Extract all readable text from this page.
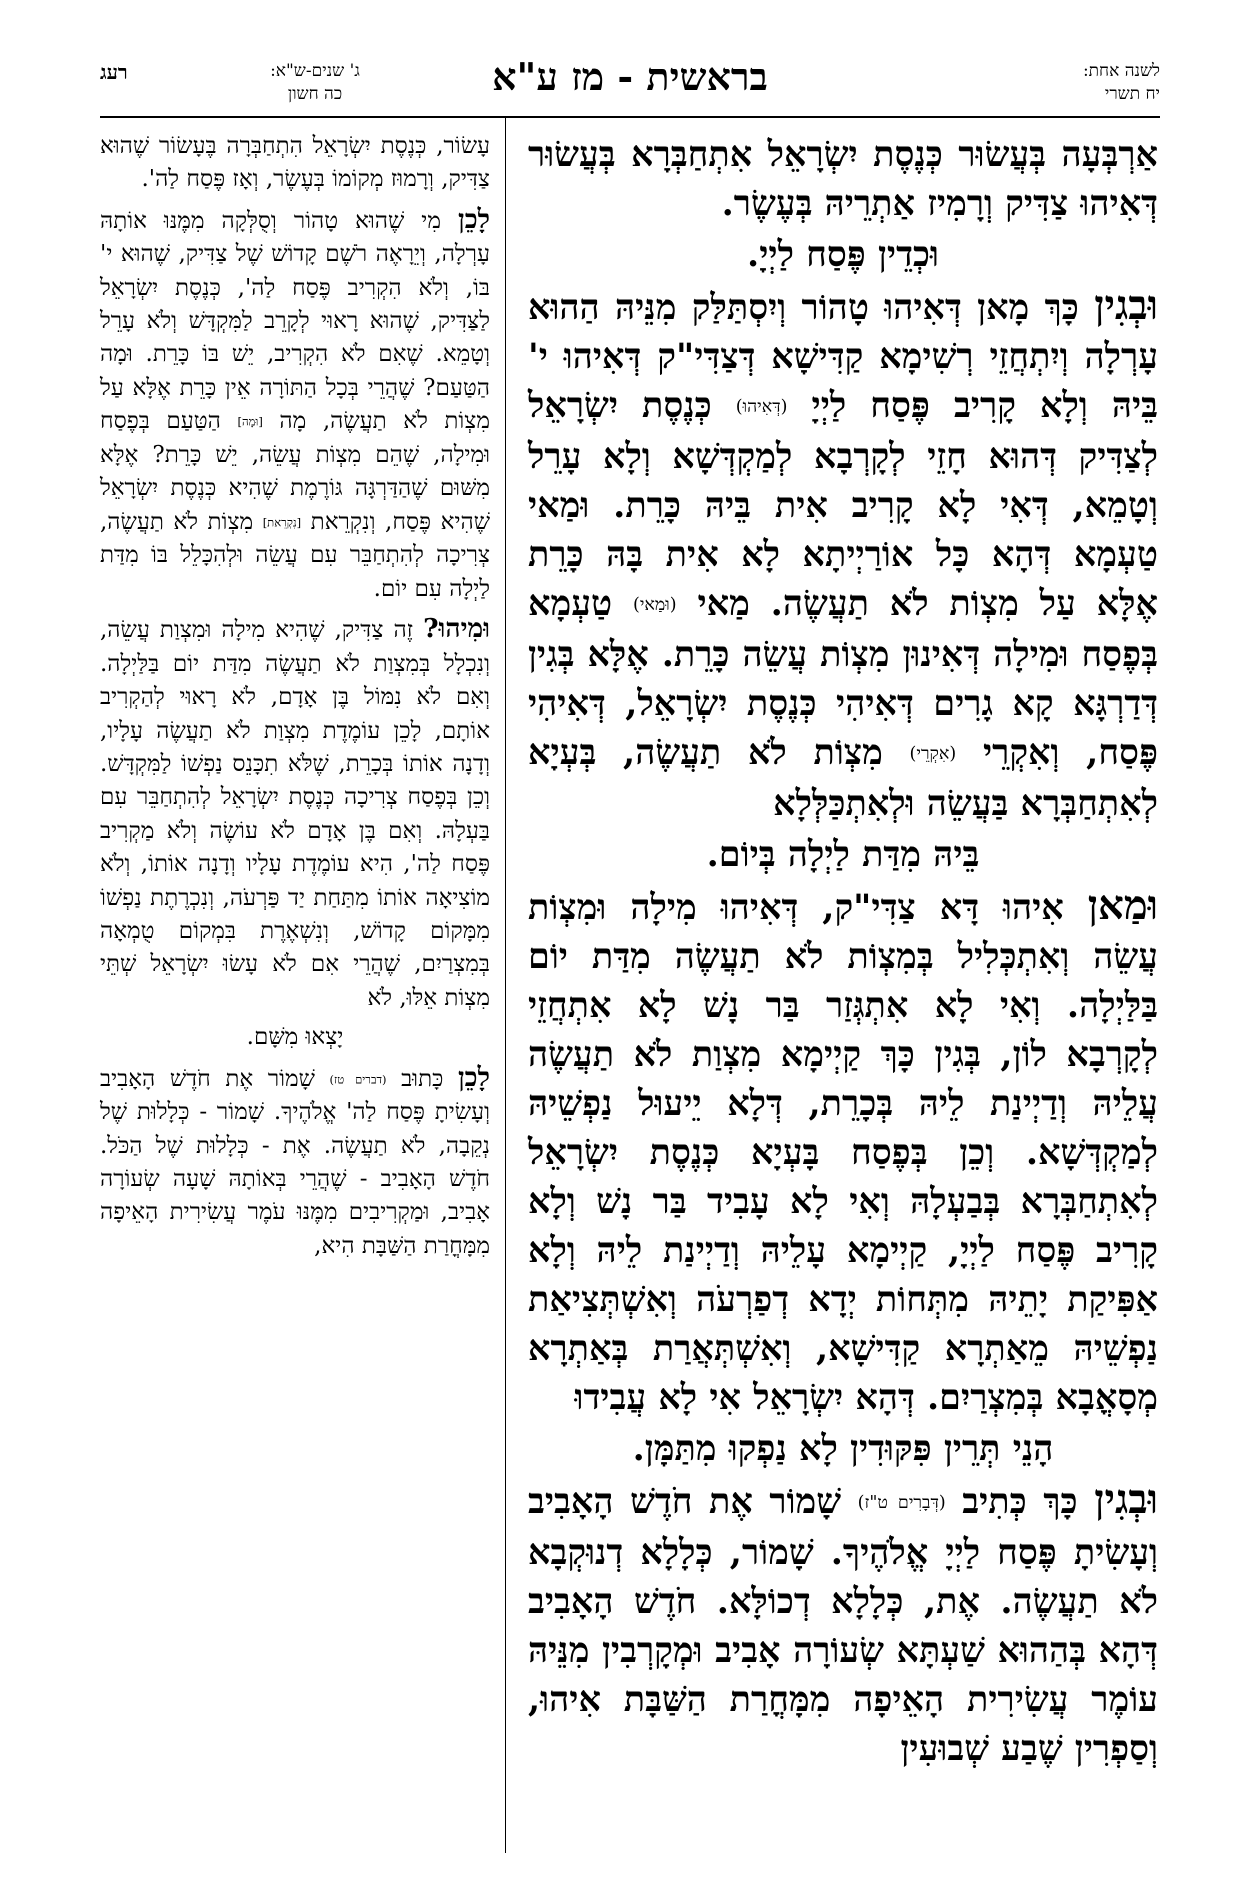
לשנה אחת:
יח תשרי
בראשית - מז ע"א
רעג	ג' שנים-ש"א:
כה חשון

אַרְבְּעָה בְּעֲשׂוּר כְּנֶסֶת יִשְׂרָאֵל אִתְחַבְּרָא בְּעֲשׂוּר דְּאִיהוּ צַדִּיק וְרָמִיז אַתְרֵיהּ בְּעֶשֶׂר.

וּכְדֵין פֶּסַח לַיְיָ.

וּבְגִין כָּךְ מָאן דְּאִיהוּ טָהוֹר וְיִסְתַּלַּק מִנֵּיהּ הַהוּא עָרְלָה וְיִתְחֲזֵי רְשִׁימָא קַדִּישָׁא דְּצַדִּי"ק דְּאִיהוּ י' בֵּיהּ וְלָא קָרִיב פֶּסַח לַיְיָ (דְּאִיהוּ) כְּנֶסֶת יִשְׂרָאֵל לְצַדִּיק דְּהוּא חָזֵי לְקָרְבָא לְמַקְדְּשָׁא וְלָא עָרֵל וְטָמֵא, דְּאִי לָא קָרִיב אִית בֵּיהּ כָּרֵת. וּמַאי טַעְמָא דְּהָא כָּל אוֹרַיְיתָא לָא אִית בָּהּ כָּרֵת אֶלָּא עַל מִצְוֹת לֹא תַעֲשֶׂה. מַאי (וּמַאי) טַעְמָא בְּפֶסַח וּמִילָה דְּאִינוּן מִצְוֹת עֲשֵׂה כָּרֵת. אֶלָּא בְּגִין דְּדַרְגָּא קָא גָרִים דְּאִיהִי כְּנֶסֶת יִשְׂרָאֵל, דְּאִיהִי פֶּסַח, וְאִקְרֵי (אִקְרֵי) מִצְוֹת לֹא תַעֲשֶׂה, בְּעְיָא לְאִתְחַבְּרָא בַּעֲשֵׂה וּלְאִתְכַּלְּלָא

בֵּיהּ מִדַּת לַיְלָה בְּיוֹם.

וּמַאן אִיהוּ דָּא צַדִּי"ק, דְּאִיהוּ מִילָה וּמִצְוֹת עֲשֵׂה וְאִתְכְּלִיל בְּמִצְוֹת לֹא תַעֲשֶׂה מִדַּת יוֹם בַּלַּיְלָה. וְאִי לָא אִתְגְּזַר בַּר נָשׁ לָא אִתְחֲזֵי לְקָרְבָא לוֹן, בְּגִין כָּךְ קַיְימָא מִצְוַת לֹא תַעֲשֶׂה עֲלֵיהּ וְדַיְינַת לֵיהּ בְּכָרֵת, דְּלָא יֵיעוּל נַפְשֵׁיהּ לְמַקְדְּשָׁא. וְכֵן בְּפֶסַח בָּעְיָא כְּנֶסֶת יִשְׂרָאֵל לְאִתְחַבְּרָא בְּבַעְלָהּ וְאִי לָא עָבִיד בַּר נָשׁ וְלָא קָרִיב פֶּסַח לַיְיָ, קַיְימָא עָלֵיהּ וְדַיְינַת לֵיהּ וְלָא אַפִּיקַת יָתֵיהּ מִתְּחוֹת יְדָא דְפַרְעֹה וְאִשְׁתְּצִיאַת נַפְשֵׁיהּ מֵאַתְרָא קַדִּישָׁא, וְאִשְׁתְּאֲרַת בְּאַתְרָא מְסָאֳבָא בְּמִצְרַיִם. דְּהָא יִשְׂרָאֵל אִי לָא עֲבִידוּ

הָנֵי תְּרֵין פִּקּוּדִין לָא נַפְקוּ מִתַּמָּן.

וּבְגִין כָּךְ כְּתִיב (דְּבָרִים ט"ז) שָׁמוֹר אֶת חֹדֶשׁ הָאָבִיב וְעָשִׂיתָ פֶּסַח לַיְיָ אֱלֹהֶיךָ. שָׁמוֹר, כְּלָלָא דְנוּקְבָא לֹא תַעֲשֶׂה. אֶת, כְּלָלָא דְכוֹלָּא. חֹדֶשׁ הָאָבִיב דְּהָא בְּהַהוּא שַׁעְתָּא שְׂעוֹרָה אָבִיב וּמְקָרְבִין מִנֵּיהּ עוֹמֶר עֲשִׂירִית הָאֵיפָה מִמָּחֳרַת הַשַּׁבָּת אִיהוּ, וְסַפְרִין שֶׁבַע שְׁבוּעִין

עָשׂוֹר, כְּנֶסֶת יִשְׂרָאֵל הִתְחַבְּרָה בֶּעָשׂוֹר שֶׁהוּא צַדִּיק, וְרָמוּז מְקוֹמוֹ בְּעֶשֶׂר, וְאָז פֶּסַח לַה'.

לָכֵן מִי שֶׁהוּא טָהוֹר וְסֻלְּקָה מִמֶּנּוּ אוֹתָהּ עָרְלָה, וְיֵרָאֶה רֹשֶׁם קָדוֹשׁ שֶׁל צַדִּיק, שֶׁהוּא י' בּוֹ, וְלֹא הִקְרִיב פֶּסַח לַה', כְּנֶסֶת יִשְׂרָאֵל לַצַּדִּיק, שֶׁהוּא רָאוּי לְקָרֵב לַמִּקְדָּשׁ וְלֹא עָרֵל וְטָמֵא. שֶׁאִם לֹא הִקְרִיב, יֵשׁ בּוֹ כָּרֵת. וּמָה הַטַּעַם? שֶׁהֲרֵי בְּכָל הַתּוֹרָה אֵין כָּרֵת אֶלָּא עַל מִצְוֹת לֹא תַעֲשֶׂה, מָה [וּמָה] הַטַּעַם בְּפֶסַח וּמִילָה, שֶׁהֵם מִצְוֹת עֲשֵׂה, יֵשׁ כָּרֵת? אֶלָּא מִשּׁוּם שֶׁהַדַּרְגָּה גּוֹרֶמֶת שֶׁהִיא כְּנֶסֶת יִשְׂרָאֵל שֶׁהִיא פֶּסַח, וְנִקְרֵאת [נִקְרֵאת] מִצְוֹת לֹא תַעֲשֶׂה, צְרִיכָה לְהִתְחַבֵּר עִם עֲשֵׂה וּלְהִכָּלֵל בּוֹ מִדַּת לַיְלָה עִם יוֹם.

וּמִיהוּ? זֶה צַדִּיק, שֶׁהִיא מִילָה וּמִצְוַת עֲשֵׂה, וְנִכְלָל בְּמִצְוַת לֹא תַעֲשֶׂה מִדַּת יוֹם בַּלַּיְלָה. וְאִם לֹא נִמּוֹל בֶּן אָדָם, לֹא רָאוּי לְהַקְרִיב אוֹתָם, לָכֵן עוֹמֶדֶת מִצְוַת לֹא תַעֲשֶׂה עָלָיו, וְדָנָה אוֹתוֹ בְּכָרֵת, שֶׁלֹּא תִכָּנֵס נַפְשׁוֹ לַמִּקְדָּשׁ. וְכֵן בְּפֶסַח צְרִיכָה כְּנֶסֶת יִשְׂרָאֵל לְהִתְחַבֵּר עִם בַּעְלָהּ. וְאִם בֶּן אָדָם לֹא עוֹשֶׂה וְלֹא מַקְרִיב פֶּסַח לַה', הִיא עוֹמֶדֶת עָלָיו וְדָנָה אוֹתוֹ, וְלֹא מוֹצִיאָה אוֹתוֹ מִתַּחַת יַד פַּרְעֹה, וְנִכְרֶתֶת נַפְשׁוֹ מִמָּקוֹם קָדוֹשׁ, וְנִשְׁאֶרֶת בִּמְקוֹם טֻמְאָה בְּמִצְרַיִם, שֶׁהֲרֵי אִם לֹא עָשׂוּ יִשְׂרָאֵל שְׁתֵּי מִצְוֹת אֵלּוּ, לֹא

יָצְאוּ מִשָּׁם.

לָכֵן כָּתוּב (דברים טז) שָׁמוֹר אֶת חֹדֶשׁ הָאָבִיב וְעָשִׂיתָ פֶּסַח לַה' אֱלֹהֶיךָ. שָׁמוֹר - כְּלָלוּת שֶׁל נְקֵבָה, לֹא תַעֲשֶׂה. אֶת - כְּלָלוּת שֶׁל הַכֹּל. חֹדֶשׁ הָאָבִיב - שֶׁהֲרֵי בְּאוֹתָהּ שָׁעָה שְׂעוֹרָה אָבִיב, וּמַקְרִיבִים מִמֶּנּוּ עֹמֶר עֲשִׂירִית הָאֵיפָה מִמָּחֳרַת הַשַּׁבָּת הִיא,
